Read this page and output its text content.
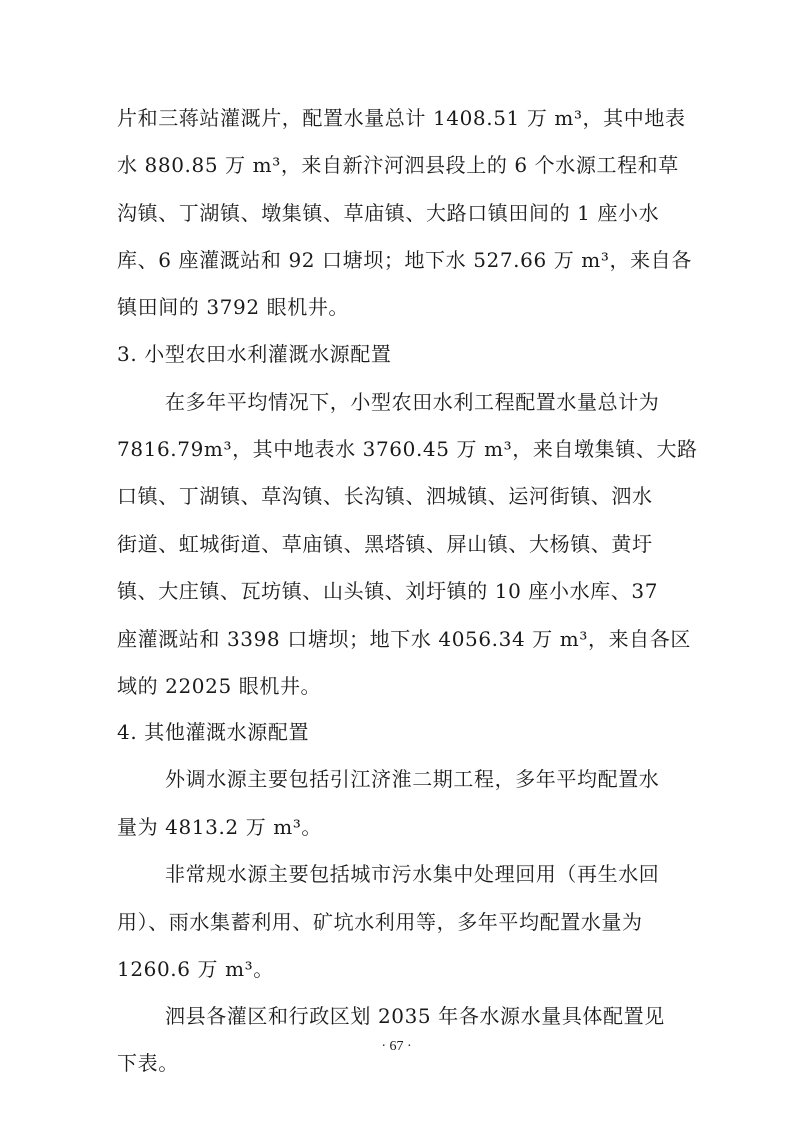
片和三蒋站灌溉片，配置水量总计 1408.51 万 m³，其中地表
水 880.85 万 m³，来自新汴河泗县段上的 6 个水源工程和草
沟镇、丁湖镇、墩集镇、草庙镇、大路口镇田间的 1 座小水
库、6 座灌溉站和 92 口塘坝；地下水 527.66 万 m³，来自各
镇田间的 3792 眼机井。
3. 小型农田水利灌溉水源配置
在多年平均情况下，小型农田水利工程配置水量总计为
7816.79m³，其中地表水 3760.45 万 m³，来自墩集镇、大路
口镇、丁湖镇、草沟镇、长沟镇、泗城镇、运河街镇、泗水
街道、虹城街道、草庙镇、黑塔镇、屏山镇、大杨镇、黄圩
镇、大庄镇、瓦坊镇、山头镇、刘圩镇的 10 座小水库、37
座灌溉站和 3398 口塘坝；地下水 4056.34 万 m³，来自各区
域的 22025 眼机井。
4. 其他灌溉水源配置
外调水源主要包括引江济淮二期工程，多年平均配置水
量为 4813.2 万 m³。
非常规水源主要包括城市污水集中处理回用（再生水回
用）、雨水集蓄利用、矿坑水利用等，多年平均配置水量为
1260.6 万 m³。
泗县各灌区和行政区划 2035 年各水源水量具体配置见
下表。
· 67 ·
